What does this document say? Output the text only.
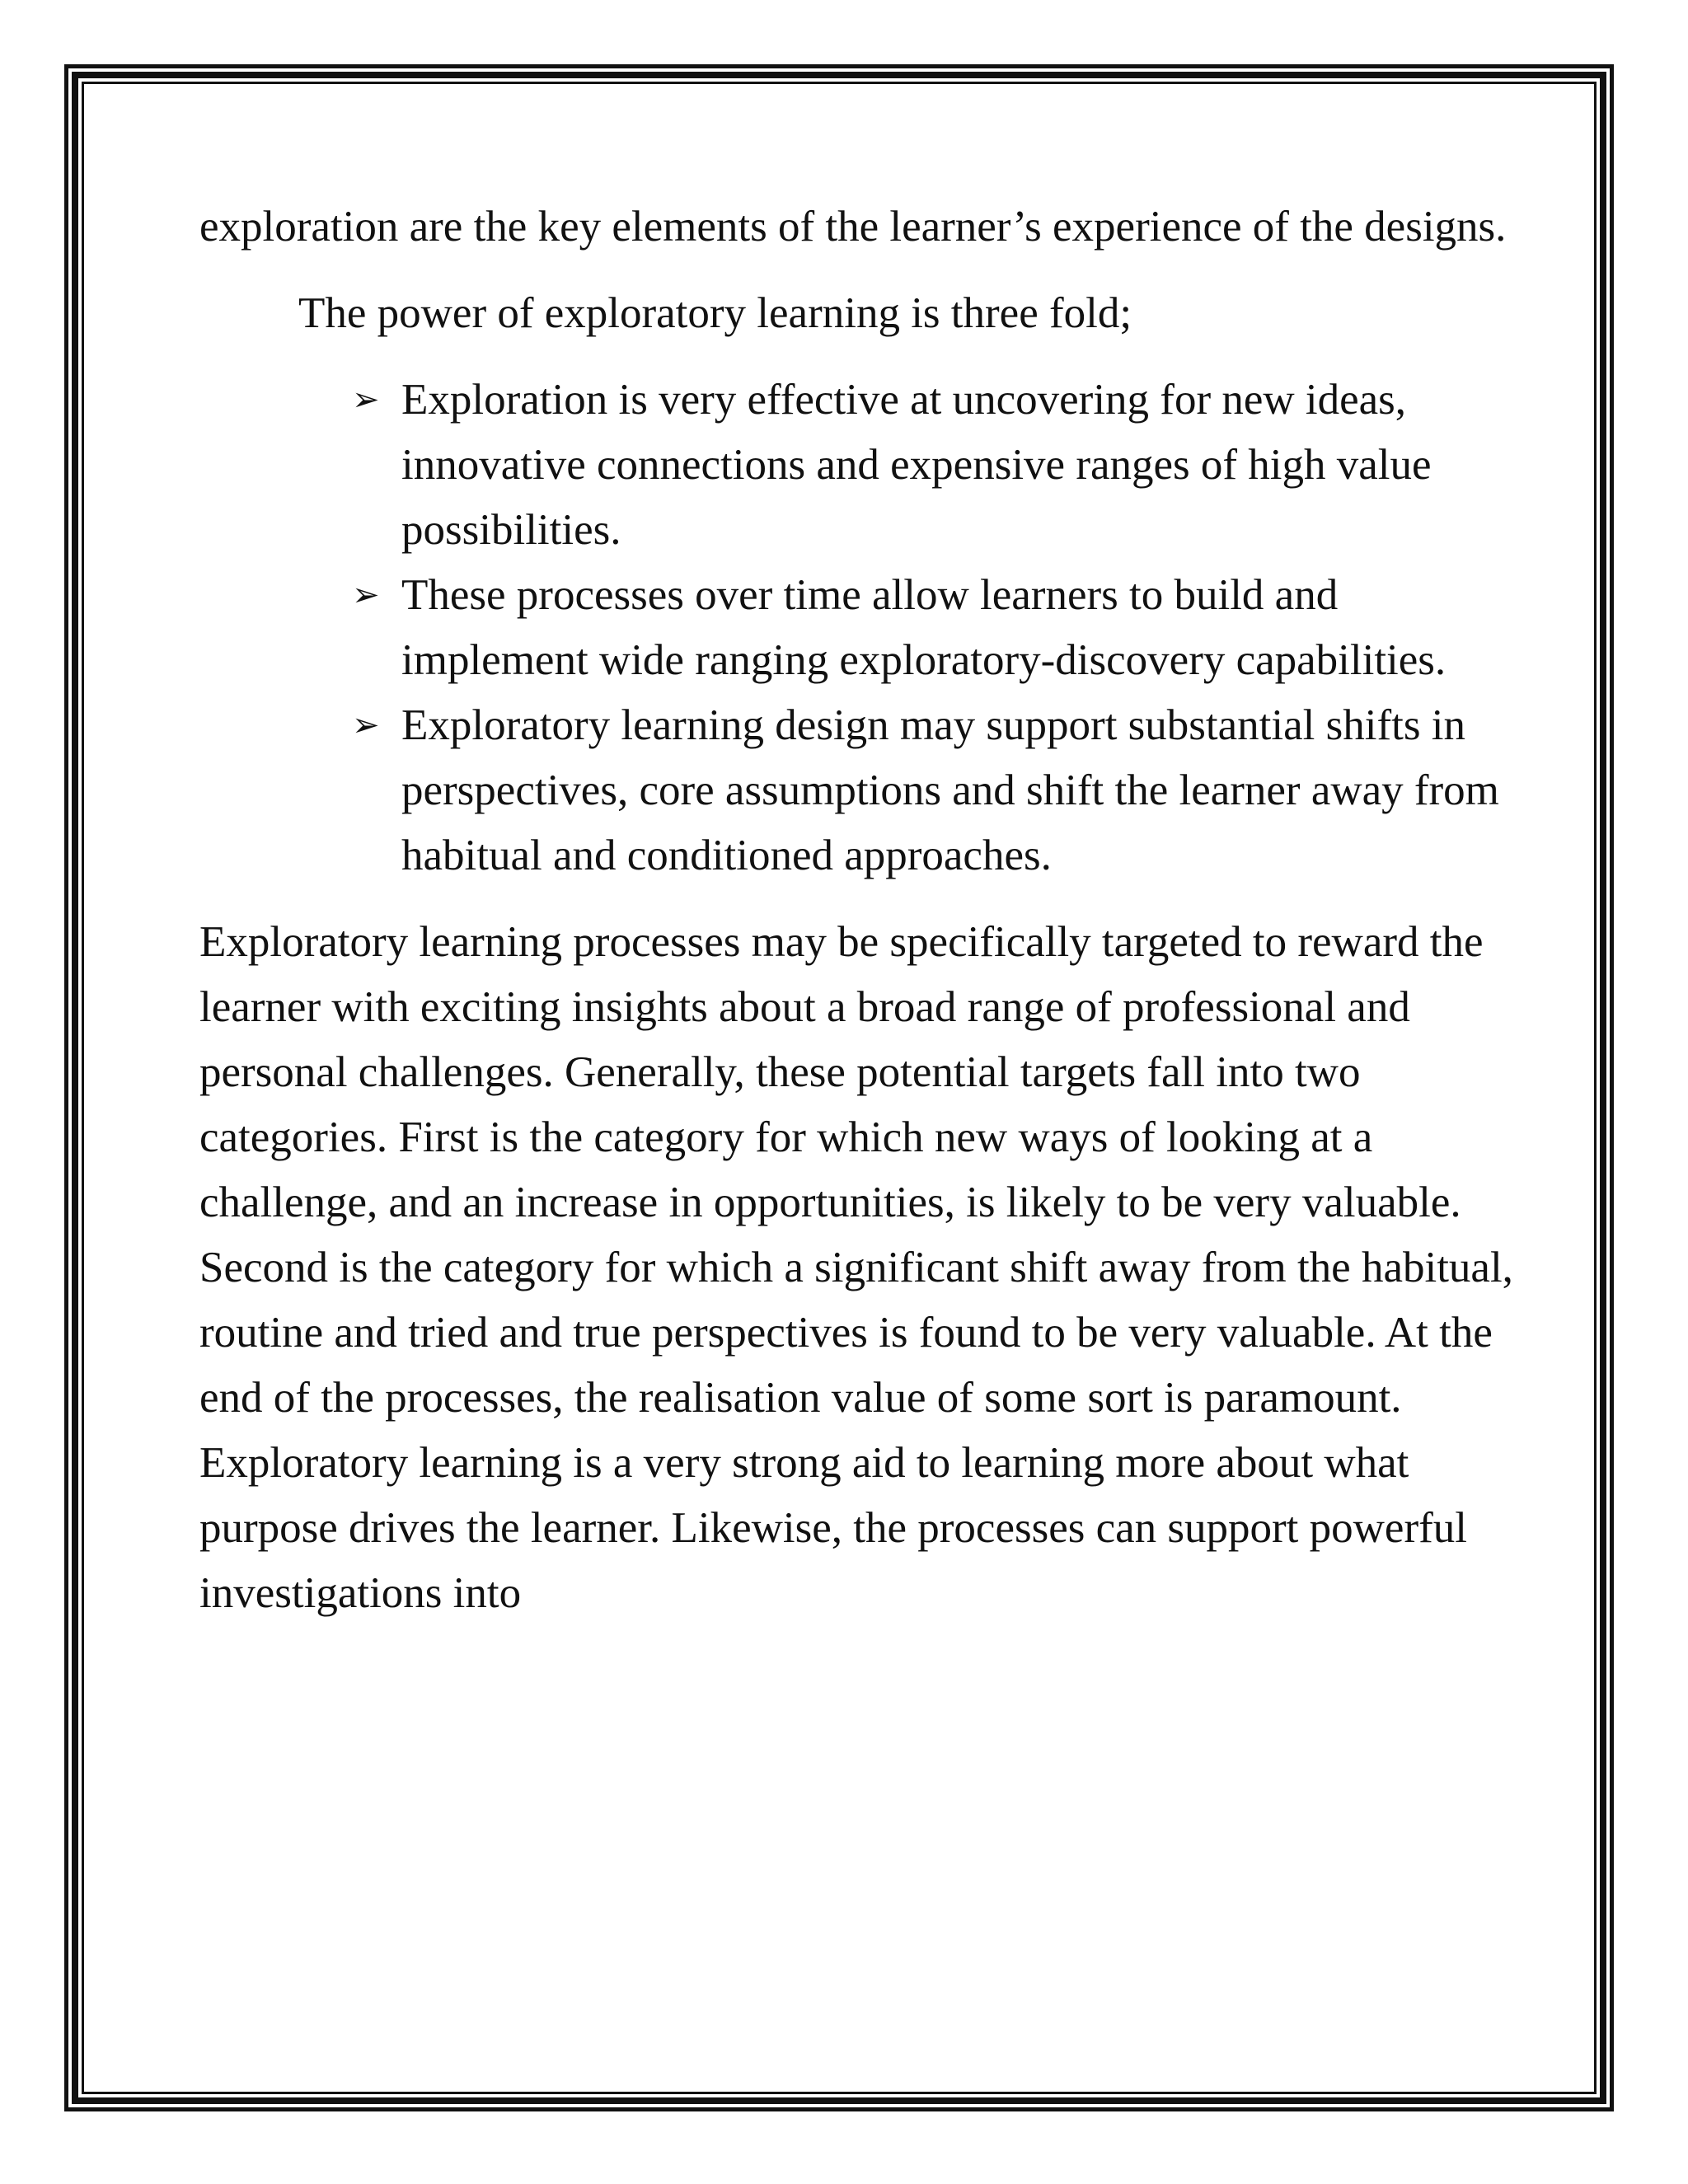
exploration are the key elements of the learner’s experience of the designs.

The power of exploratory learning is three fold;

➢ Exploration is very effective at uncovering for new ideas, innovative connections and expensive ranges of high value possibilities.
➢ These processes over time allow learners to build and implement wide ranging exploratory-discovery capabilities.
➢ Exploratory learning design may support substantial shifts in perspectives, core assumptions and shift the learner away from habitual and conditioned approaches.

Exploratory learning processes may be specifically targeted to reward the learner with exciting insights about a broad range of professional and personal challenges. Generally, these potential targets fall into two categories. First is the category for which new ways of looking at a challenge, and an increase in opportunities, is likely to be very valuable. Second is the category for which a significant shift away from the habitual, routine and tried and true perspectives is found to be very valuable. At the end of the processes, the realisation value of some sort is paramount. Exploratory learning is a very strong aid to learning more about what purpose drives the learner. Likewise, the processes can support powerful investigations into
